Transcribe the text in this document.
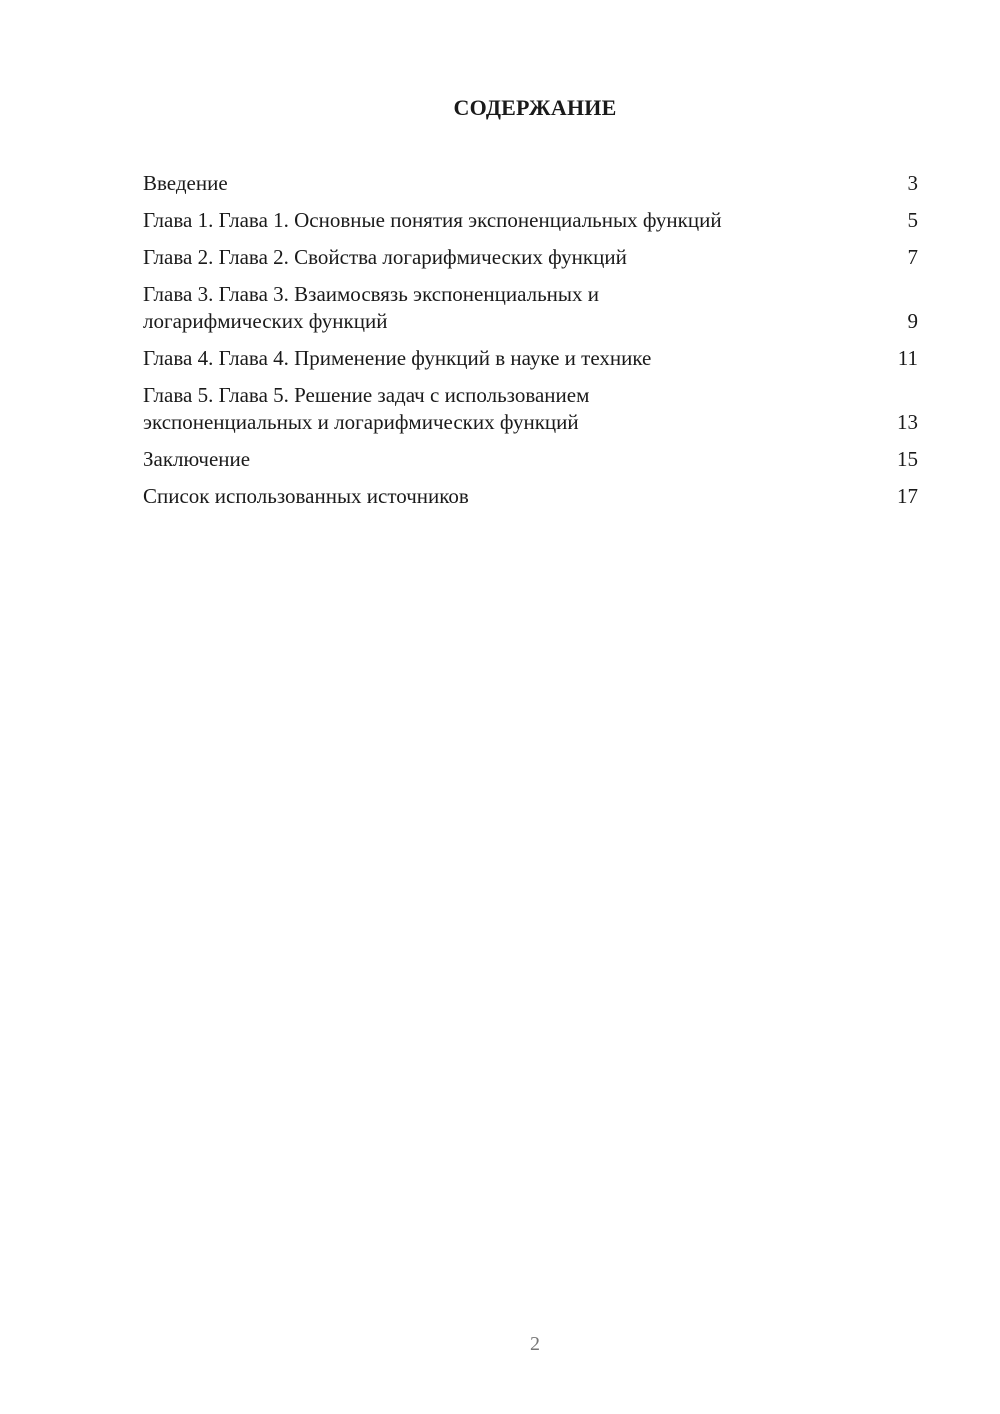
СОДЕРЖАНИЕ
Введение	3
Глава 1. Глава 1. Основные понятия экспоненциальных функций	5
Глава 2. Глава 2. Свойства логарифмических функций	7
Глава 3. Глава 3. Взаимосвязь экспоненциальных и логарифмических функций	9
Глава 4. Глава 4. Применение функций в науке и технике	11
Глава 5. Глава 5. Решение задач с использованием экспоненциальных и логарифмических функций	13
Заключение	15
Список использованных источников	17
2
